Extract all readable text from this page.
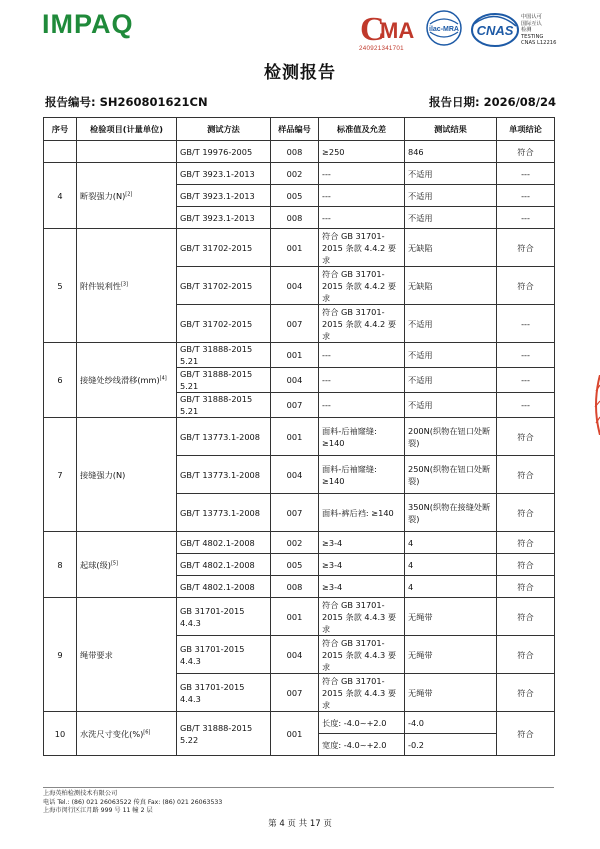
IMPAQ	C
MA
240921341701
ilac-MRA CNAS
中国认可
国际互认
检测
TESTING
CNAS L12216
检测报告
报告编号: SH260801621CN	报告日期: 2026/08/24
序号	检验项目(计量单位)	测试方法	样品编号	标准值及允差	测试结果	单项结论
		GB/T 19976-2005	008	≥250	846	符合
4	断裂强力(N)[2]	GB/T 3923.1-2013	002	---	不适用	---
		GB/T 3923.1-2013	005	---	不适用	---
		GB/T 3923.1-2013	008	---	不适用	---
5	附件锐利性[3]	GB/T 31702-2015	001	符合 GB 31701-2015 条款 4.4.2 要求	无缺陷	符合
		GB/T 31702-2015	004	符合 GB 31701-2015 条款 4.4.2 要求	无缺陷	符合
		GB/T 31702-2015	007	符合 GB 31701-2015 条款 4.4.2 要求	不适用	---
6	接缝处纱线滑移(mm)[4]	GB/T 31888-2015 5.21	001	---	不适用	---
		GB/T 31888-2015 5.21	004	---	不适用	---
		GB/T 31888-2015 5.21	007	---	不适用	---
7	接缝强力(N)	GB/T 13773.1-2008	001	面料-后袖窿缝: ≥140	200N(织物在钮口处断裂)	符合
		GB/T 13773.1-2008	004	面料-后袖窿缝: ≥140	250N(织物在钮口处断裂)	符合
		GB/T 13773.1-2008	007	面料-裤后裆: ≥140	350N(织物在接缝处断裂)	符合
8	起球(级)[5]	GB/T 4802.1-2008	002	≥3-4	4	符合
		GB/T 4802.1-2008	005	≥3-4	4	符合
		GB/T 4802.1-2008	008	≥3-4	4	符合
9	绳带要求	GB 31701-2015 4.4.3	001	符合 GB 31701-2015 条款 4.4.3 要求	无绳带	符合
		GB 31701-2015 4.4.3	004	符合 GB 31701-2015 条款 4.4.3 要求	无绳带	符合
		GB 31701-2015 4.4.3	007	符合 GB 31701-2015 条款 4.4.3 要求	无绳带	符合
10	水洗尺寸变化(%)[6]	GB/T 31888-2015 5.22	001	长度: -4.0~+2.0	-4.0	符合
				宽度: -4.0~+2.0	-0.2	
上海英柏检测技术有限公司
电话 Tel.: (86) 021 26063522 传真 Fax: (86) 021 26063533
上海市闵行区江月路 999 号 11 幢 2 层
第 4 页 共 17 页
